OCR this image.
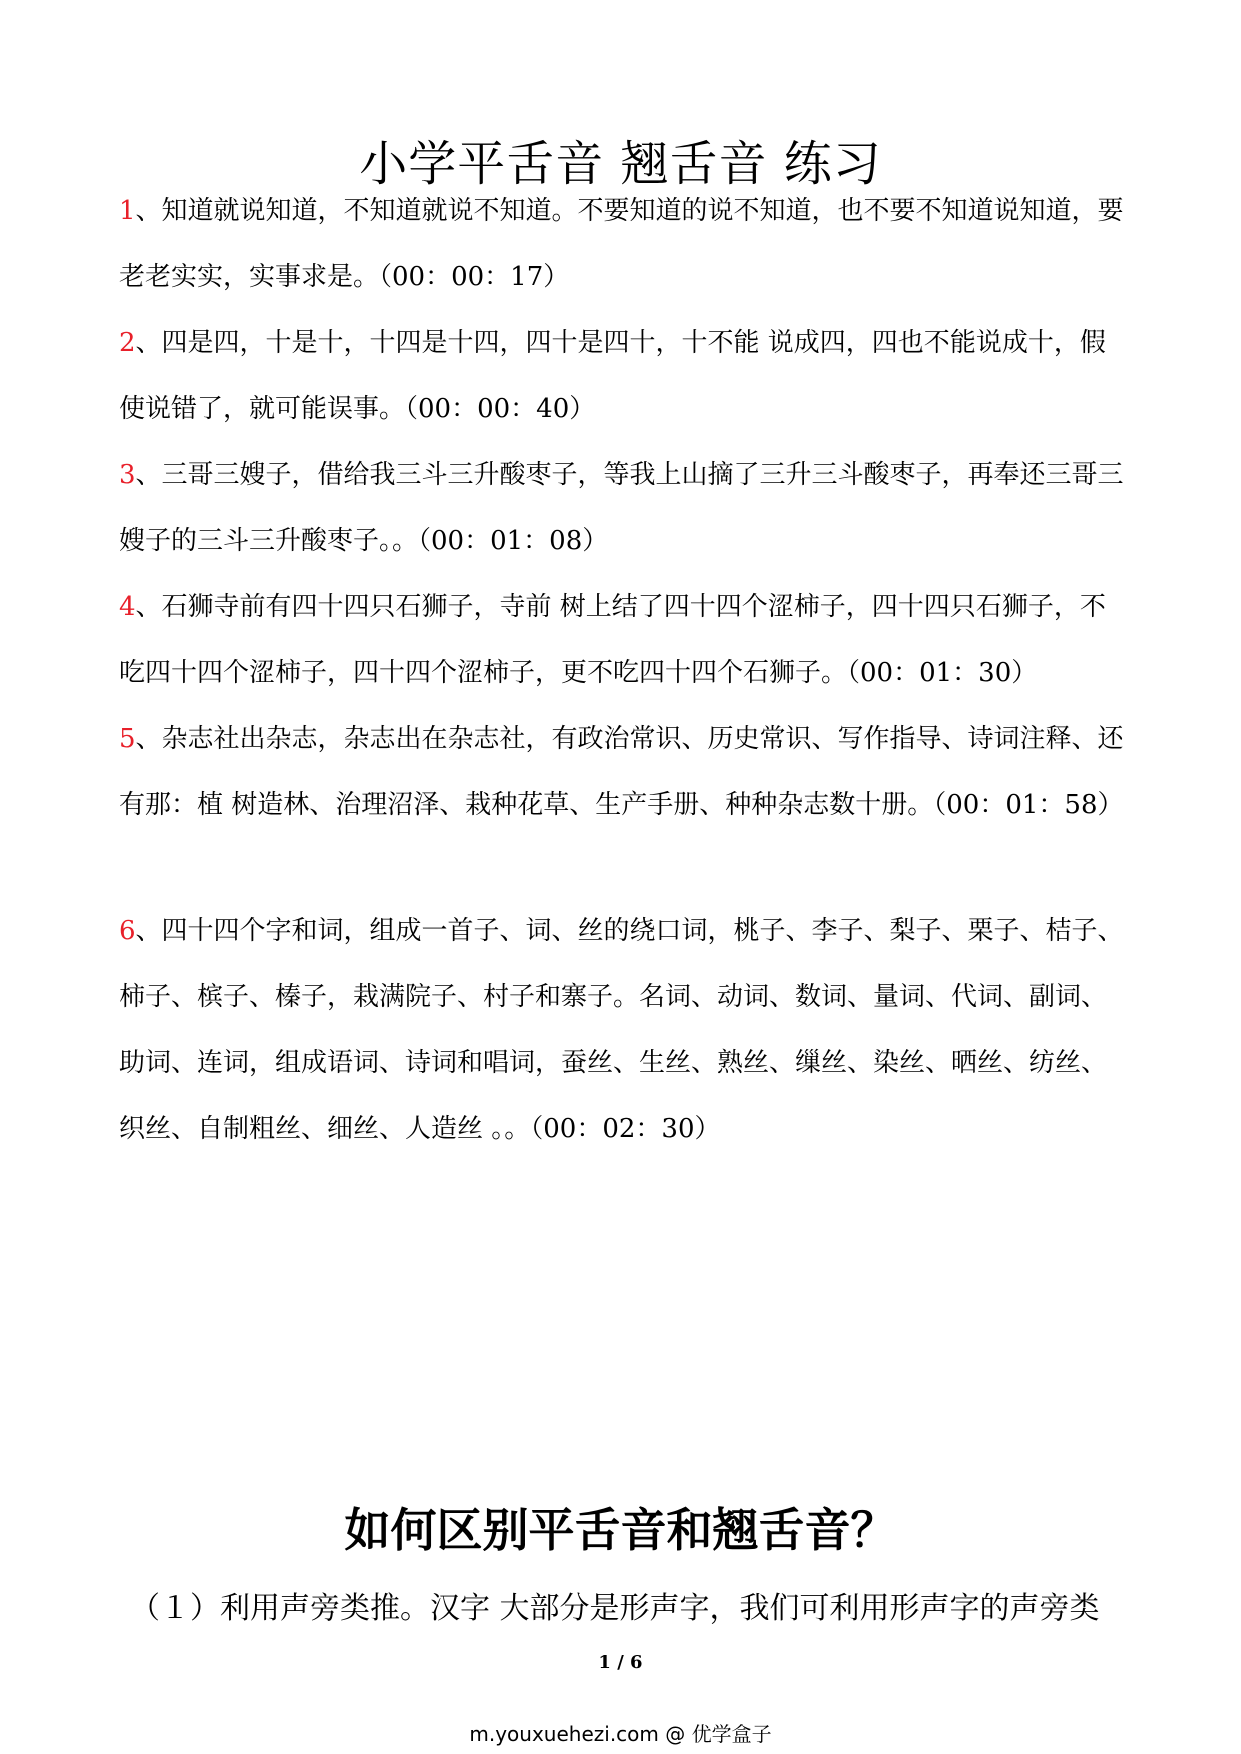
小学平舌音 翘舌音 练习
1、知道就说知道，不知道就说不知道。不要知道的说不知道，也不要不知道说知道，要老老实实，实事求是。（00：00：17）
2、四是四，十是十，十四是十四，四十是四十，十不能 说成四，四也不能说成十，假使说错了，就可能误事。（00：00：40）
3、三哥三嫂子，借给我三斗三升酸枣子，等我上山摘了三升三斗酸枣子，再奉还三哥三嫂子的三斗三升酸枣子。。（00：01：08）
4、石狮寺前有四十四只石狮子，寺前 树上结了四十四个涩柿子，四十四只石狮子，不吃四十四个涩柿子，四十四个涩柿子，更不吃四十四个石狮子。（00：01：30）
5、杂志社出杂志，杂志出在杂志社，有政治常识、历史常识、写作指导、诗词注释、还有那：植 树造林、治理沼泽、栽种花草、生产手册、种种杂志数十册。（00：01：58）
6、四十四个字和词，组成一首子、词、丝的绕口词，桃子、李子、梨子、栗子、桔子、柿子、槟子、榛子，栽满院子、村子和寨子。名词、动词、数词、量词、代词、副词、助词、连词，组成语词、诗词和唱词，蚕丝、生丝、熟丝、缫丝、染丝、晒丝、纺丝、织丝、自制粗丝、细丝、人造丝 。。（00：02：30）
如何区别平舌音和翘舌音？
（１）利用声旁类推。汉字 大部分是形声字，我们可利用形声字的声旁类
1 / 6
m.youxuehezi.com @ 优学盒子
